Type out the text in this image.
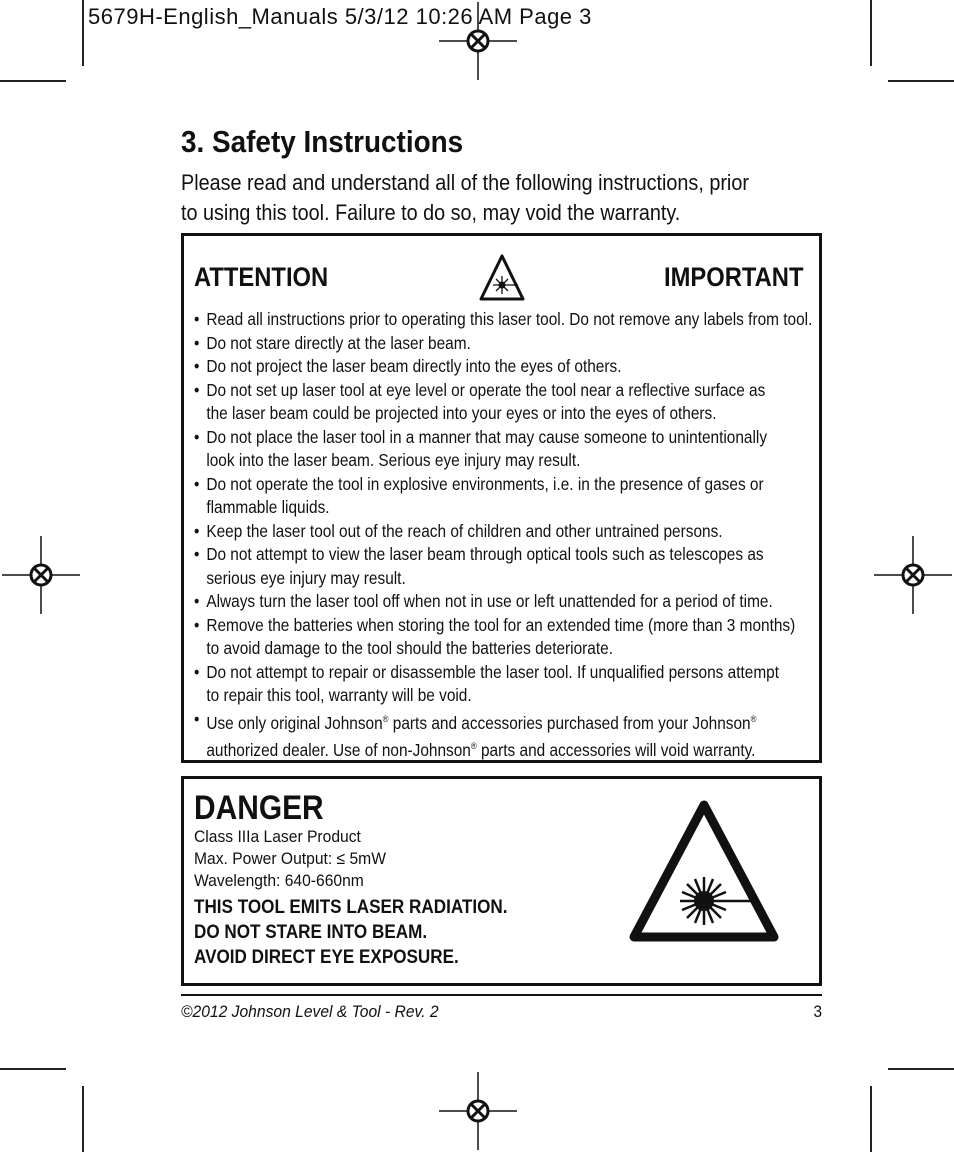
5679H-English_Manuals 5/3/12 10:26 AM Page 3
3. Safety Instructions
Please read and understand all of the following instructions, prior
to using this tool. Failure to do so, may void the warranty.
ATTENTION	IMPORTANT
• Read all instructions prior to operating this laser tool. Do not remove any labels from tool.
• Do not stare directly at the laser beam.
• Do not project the laser beam directly into the eyes of others.
• Do not set up laser tool at eye level or operate the tool near a reflective surface as
the laser beam could be projected into your eyes or into the eyes of others.
• Do not place the laser tool in a manner that may cause someone to unintentionally
look into the laser beam. Serious eye injury may result.
• Do not operate the tool in explosive environments, i.e. in the presence of gases or
flammable liquids.
• Keep the laser tool out of the reach of children and other untrained persons.
• Do not attempt to view the laser beam through optical tools such as telescopes as
serious eye injury may result.
• Always turn the laser tool off when not in use or left unattended for a period of time.
• Remove the batteries when storing the tool for an extended time (more than 3 months)
to avoid damage to the tool should the batteries deteriorate.
• Do not attempt to repair or disassemble the laser tool. If unqualified persons attempt
to repair this tool, warranty will be void.
• Use only original Johnson® parts and accessories purchased from your Johnson®
authorized dealer. Use of non-Johnson® parts and accessories will void warranty.
DANGER
Class IIIa Laser Product
Max. Power Output: ≤ 5mW
Wavelength: 640-660nm
THIS TOOL EMITS LASER RADIATION.
DO NOT STARE INTO BEAM.
AVOID DIRECT EYE EXPOSURE.
©2012 Johnson Level & Tool - Rev. 2	3
